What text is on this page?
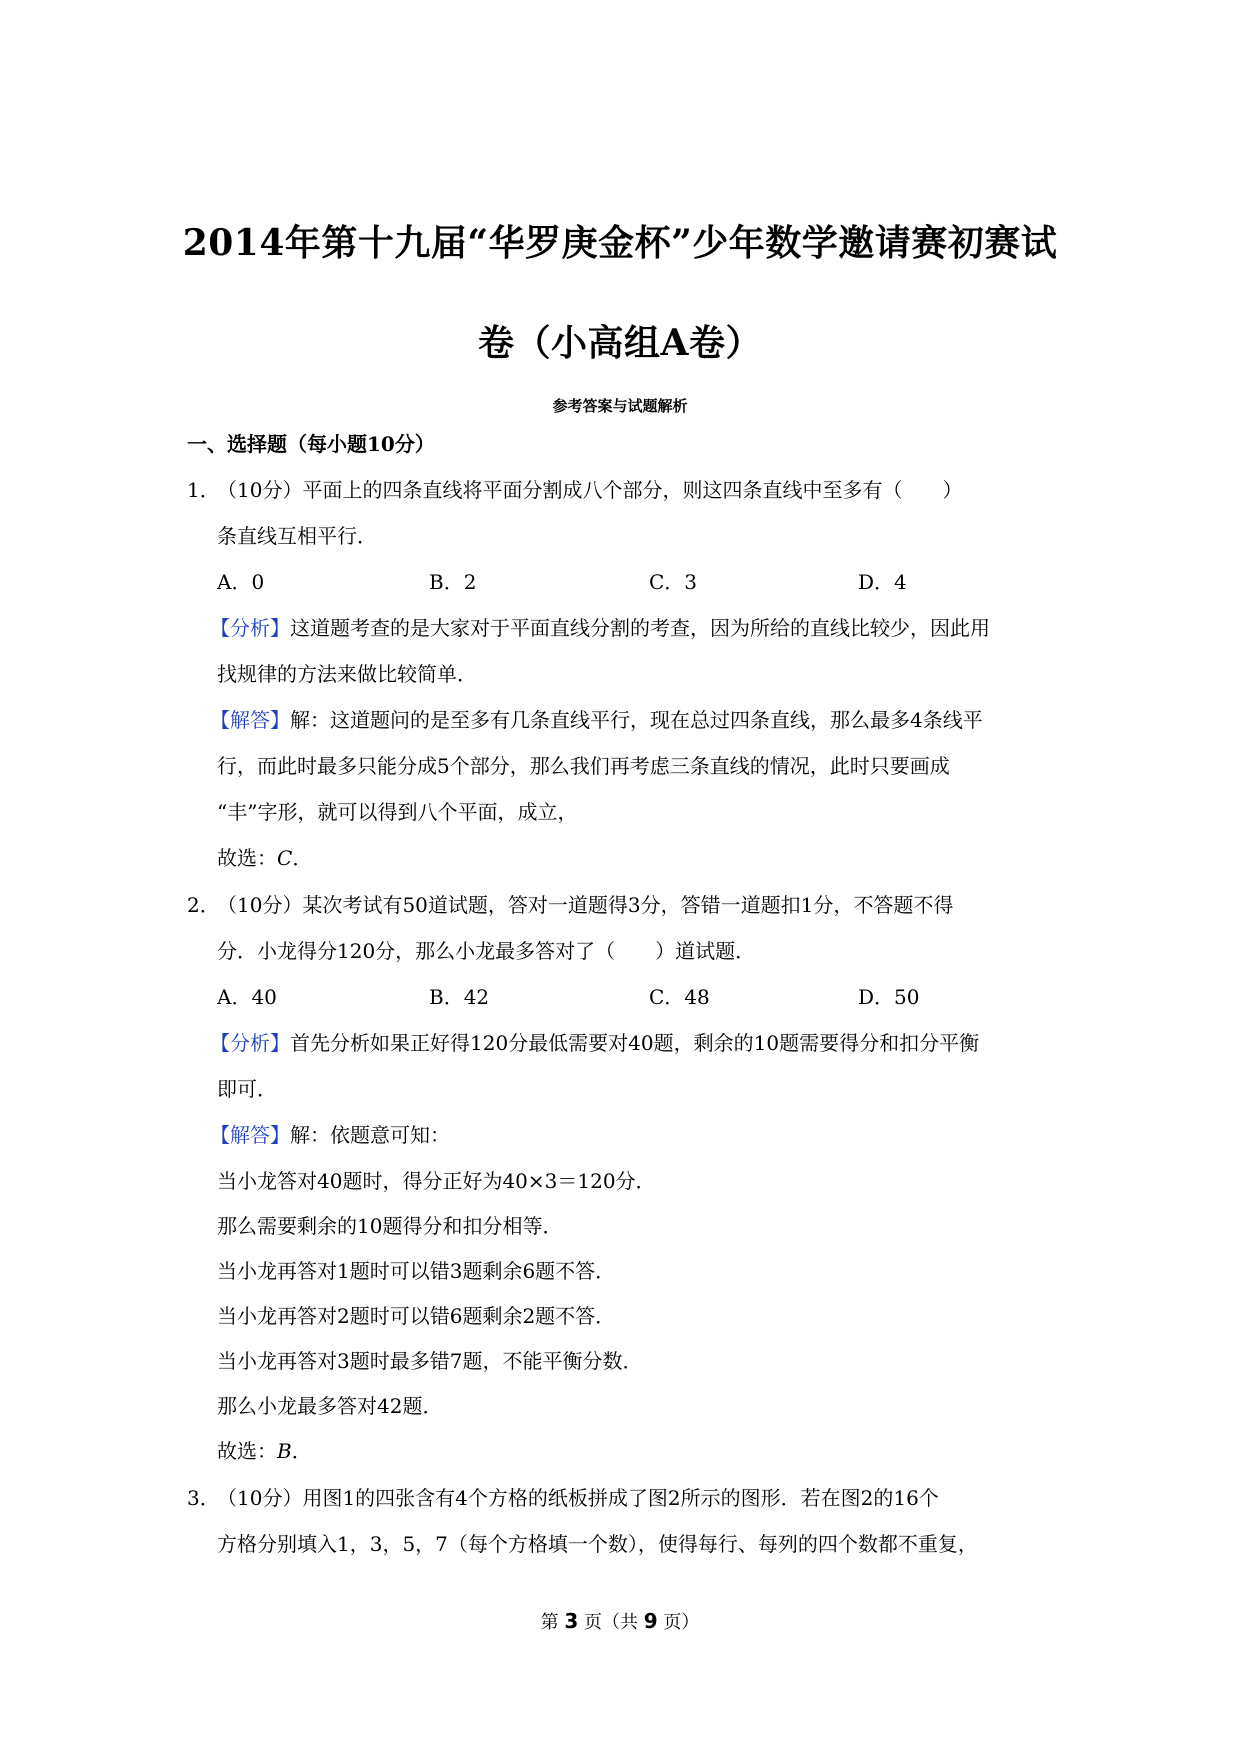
2014年第十九届“华罗庚金杯”少年数学邀请赛初赛试
卷（小高组A卷）
参考答案与试题解析
一、选择题（每小题10分）
1．
（10分）平面上的四条直线将平面分割成八个部分，则这四条直线中至多有（　　）
条直线互相平行．
A．0	B．2	C．3	D．4
【分析】这道题考查的是大家对于平面直线分割的考查，因为所给的直线比较少，因此用
找规律的方法来做比较简单．
【解答】解：这道题问的是至多有几条直线平行，现在总过四条直线，那么最多4条线平
行，而此时最多只能分成5个部分，那么我们再考虑三条直线的情况，此时只要画成
“丰”字形，就可以得到八个平面，成立，
故选：C．
2．
（10分）某次考试有50道试题，答对一道题得3分，答错一道题扣1分，不答题不得
分．小龙得分120分，那么小龙最多答对了（　　）道试题．
A．40	B．42	C．48	D．50
【分析】首先分析如果正好得120分最低需要对40题，剩余的10题需要得分和扣分平衡
即可．
【解答】解：依题意可知：
当小龙答对40题时，得分正好为40×3＝120分．
那么需要剩余的10题得分和扣分相等．
当小龙再答对1题时可以错3题剩余6题不答．
当小龙再答对2题时可以错6题剩余2题不答．
当小龙再答对3题时最多错7题，不能平衡分数．
那么小龙最多答对42题．
故选：B．
3．
（10分）用图1的四张含有4个方格的纸板拼成了图2所示的图形．若在图2的16个
方格分别填入1，3，5，7（每个方格填一个数），使得每行、每列的四个数都不重复，
第 3 页（共 9 页）
